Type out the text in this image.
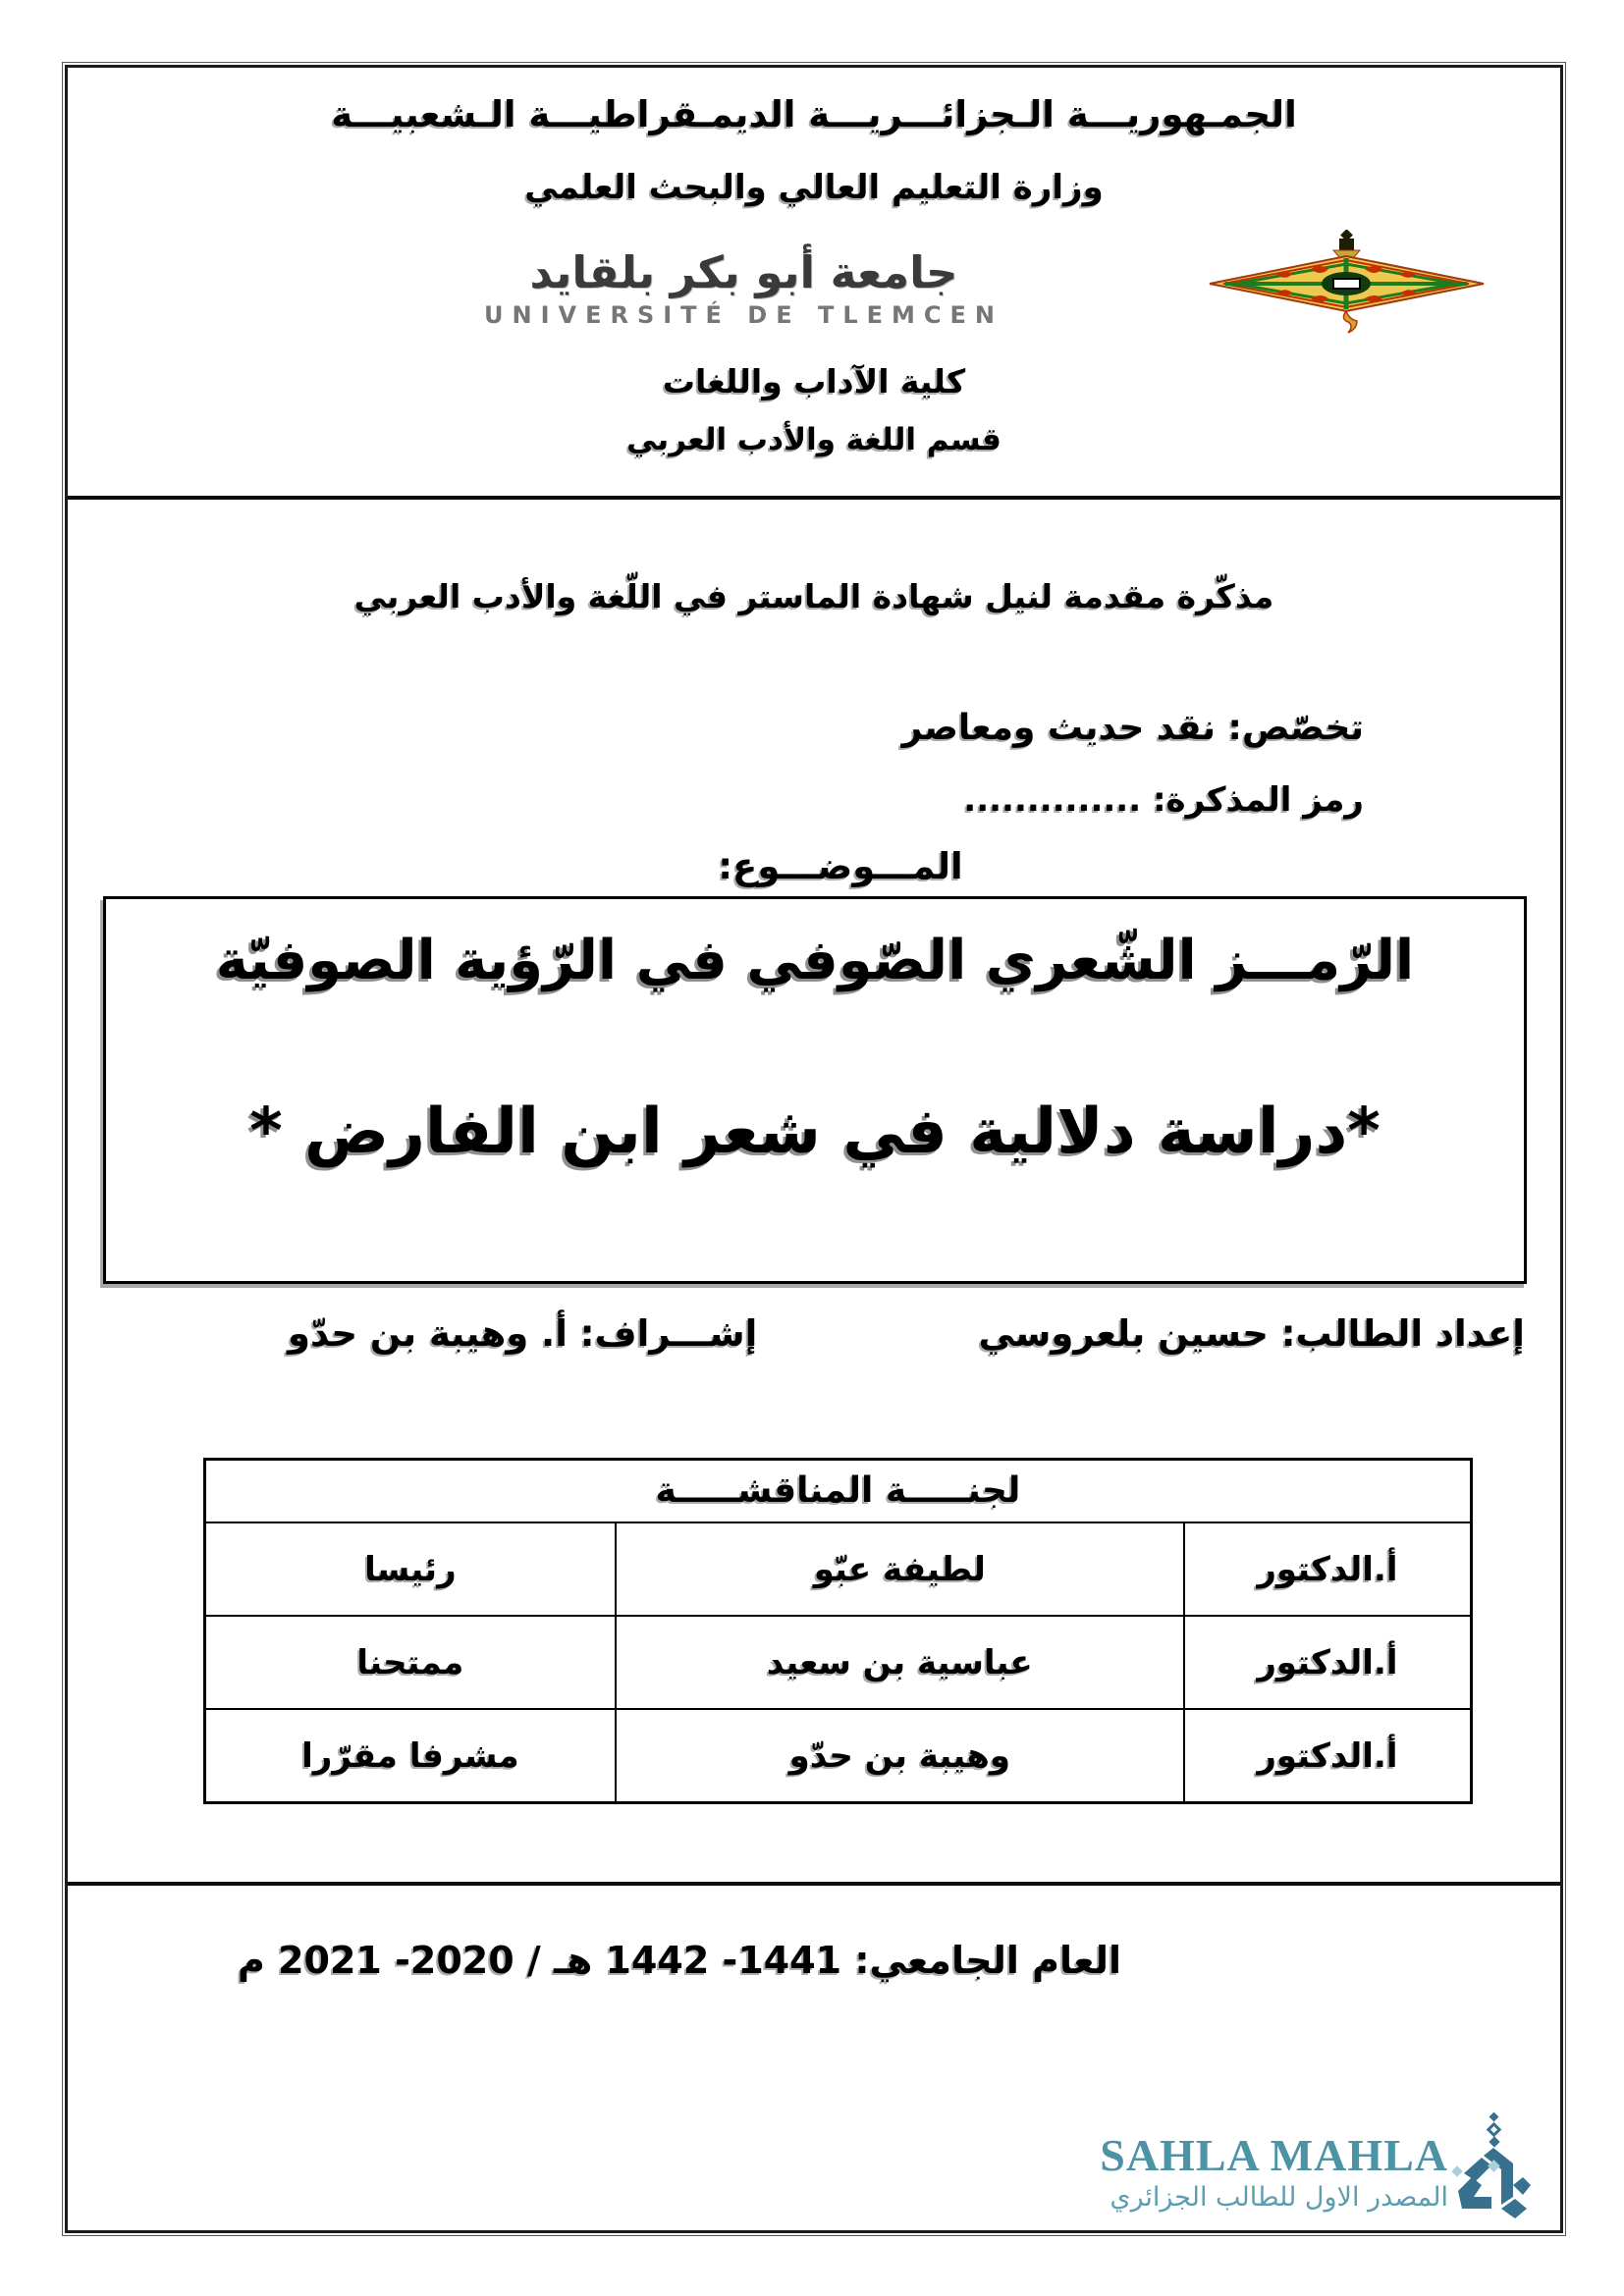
الجمـهوريـــة الـجزائـــريـــة الديمـقراطيـــة الـشعبيـــة
وزارة التعليم العالي والبحث العلمي
جامعة أبو بكر بلقايد
UNIVERSITÉ DE TLEMCEN
كلية الآداب واللغات
قسم اللغة والأدب العربي
مذكّرة مقدمة لنيل شهادة الماستر في اللّغة والأدب العربي
تخصّص: نقد حديث ومعاصر
رمز المذكرة: ..............
المـــوضـــوع:
الرّمـــز الشّعري الصّوفي في الرّؤية الصوفيّة
*دراسة دلالية في شعر ابن الفارض *
إعداد الطالب: حسين بلعروسي
إشـــراف: أ. وهيبة بن حدّو
لجنـــــة المناقشـــــة
أ.الدكتور
لطيفة عبّو
رئيسا
أ.الدكتور
عباسية بن سعيد
ممتحنا
أ.الدكتور
وهيبة بن حدّو
مشرفا مقرّرا
العام الجامعي: 1441- 1442 هـ / 2020- 2021 م
SAHLA MAHLA
المصدر الاول للطالب الجزائري
